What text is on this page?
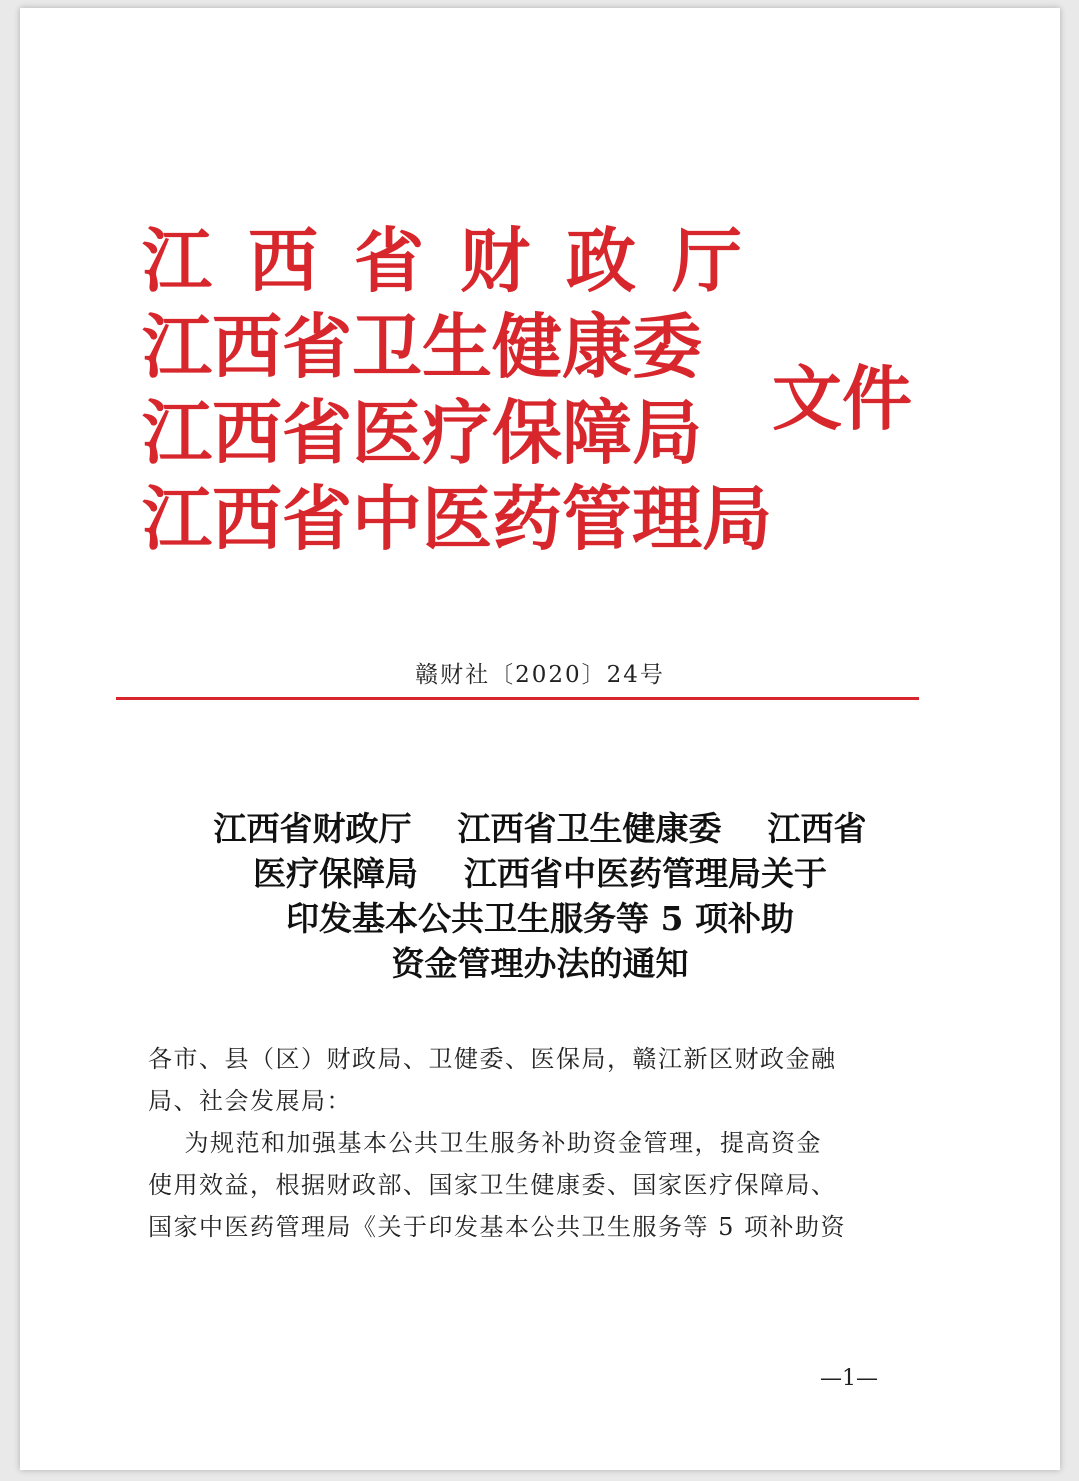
江西省财政厅
江西省卫生健康委
江西省医疗保障局
江西省中医药管理局
文件
赣财社〔2020〕24号
江西省财政厅    江西省卫生健康委    江西省
医疗保障局    江西省中医药管理局关于
印发基本公共卫生服务等 5 项补助
资金管理办法的通知
各市、县（区）财政局、卫健委、医保局，赣江新区财政金融
局、社会发展局：
为规范和加强基本公共卫生服务补助资金管理，提高资金
使用效益，根据财政部、国家卫生健康委、国家医疗保障局、
国家中医药管理局《关于印发基本公共卫生服务等 5 项补助资
—1—
